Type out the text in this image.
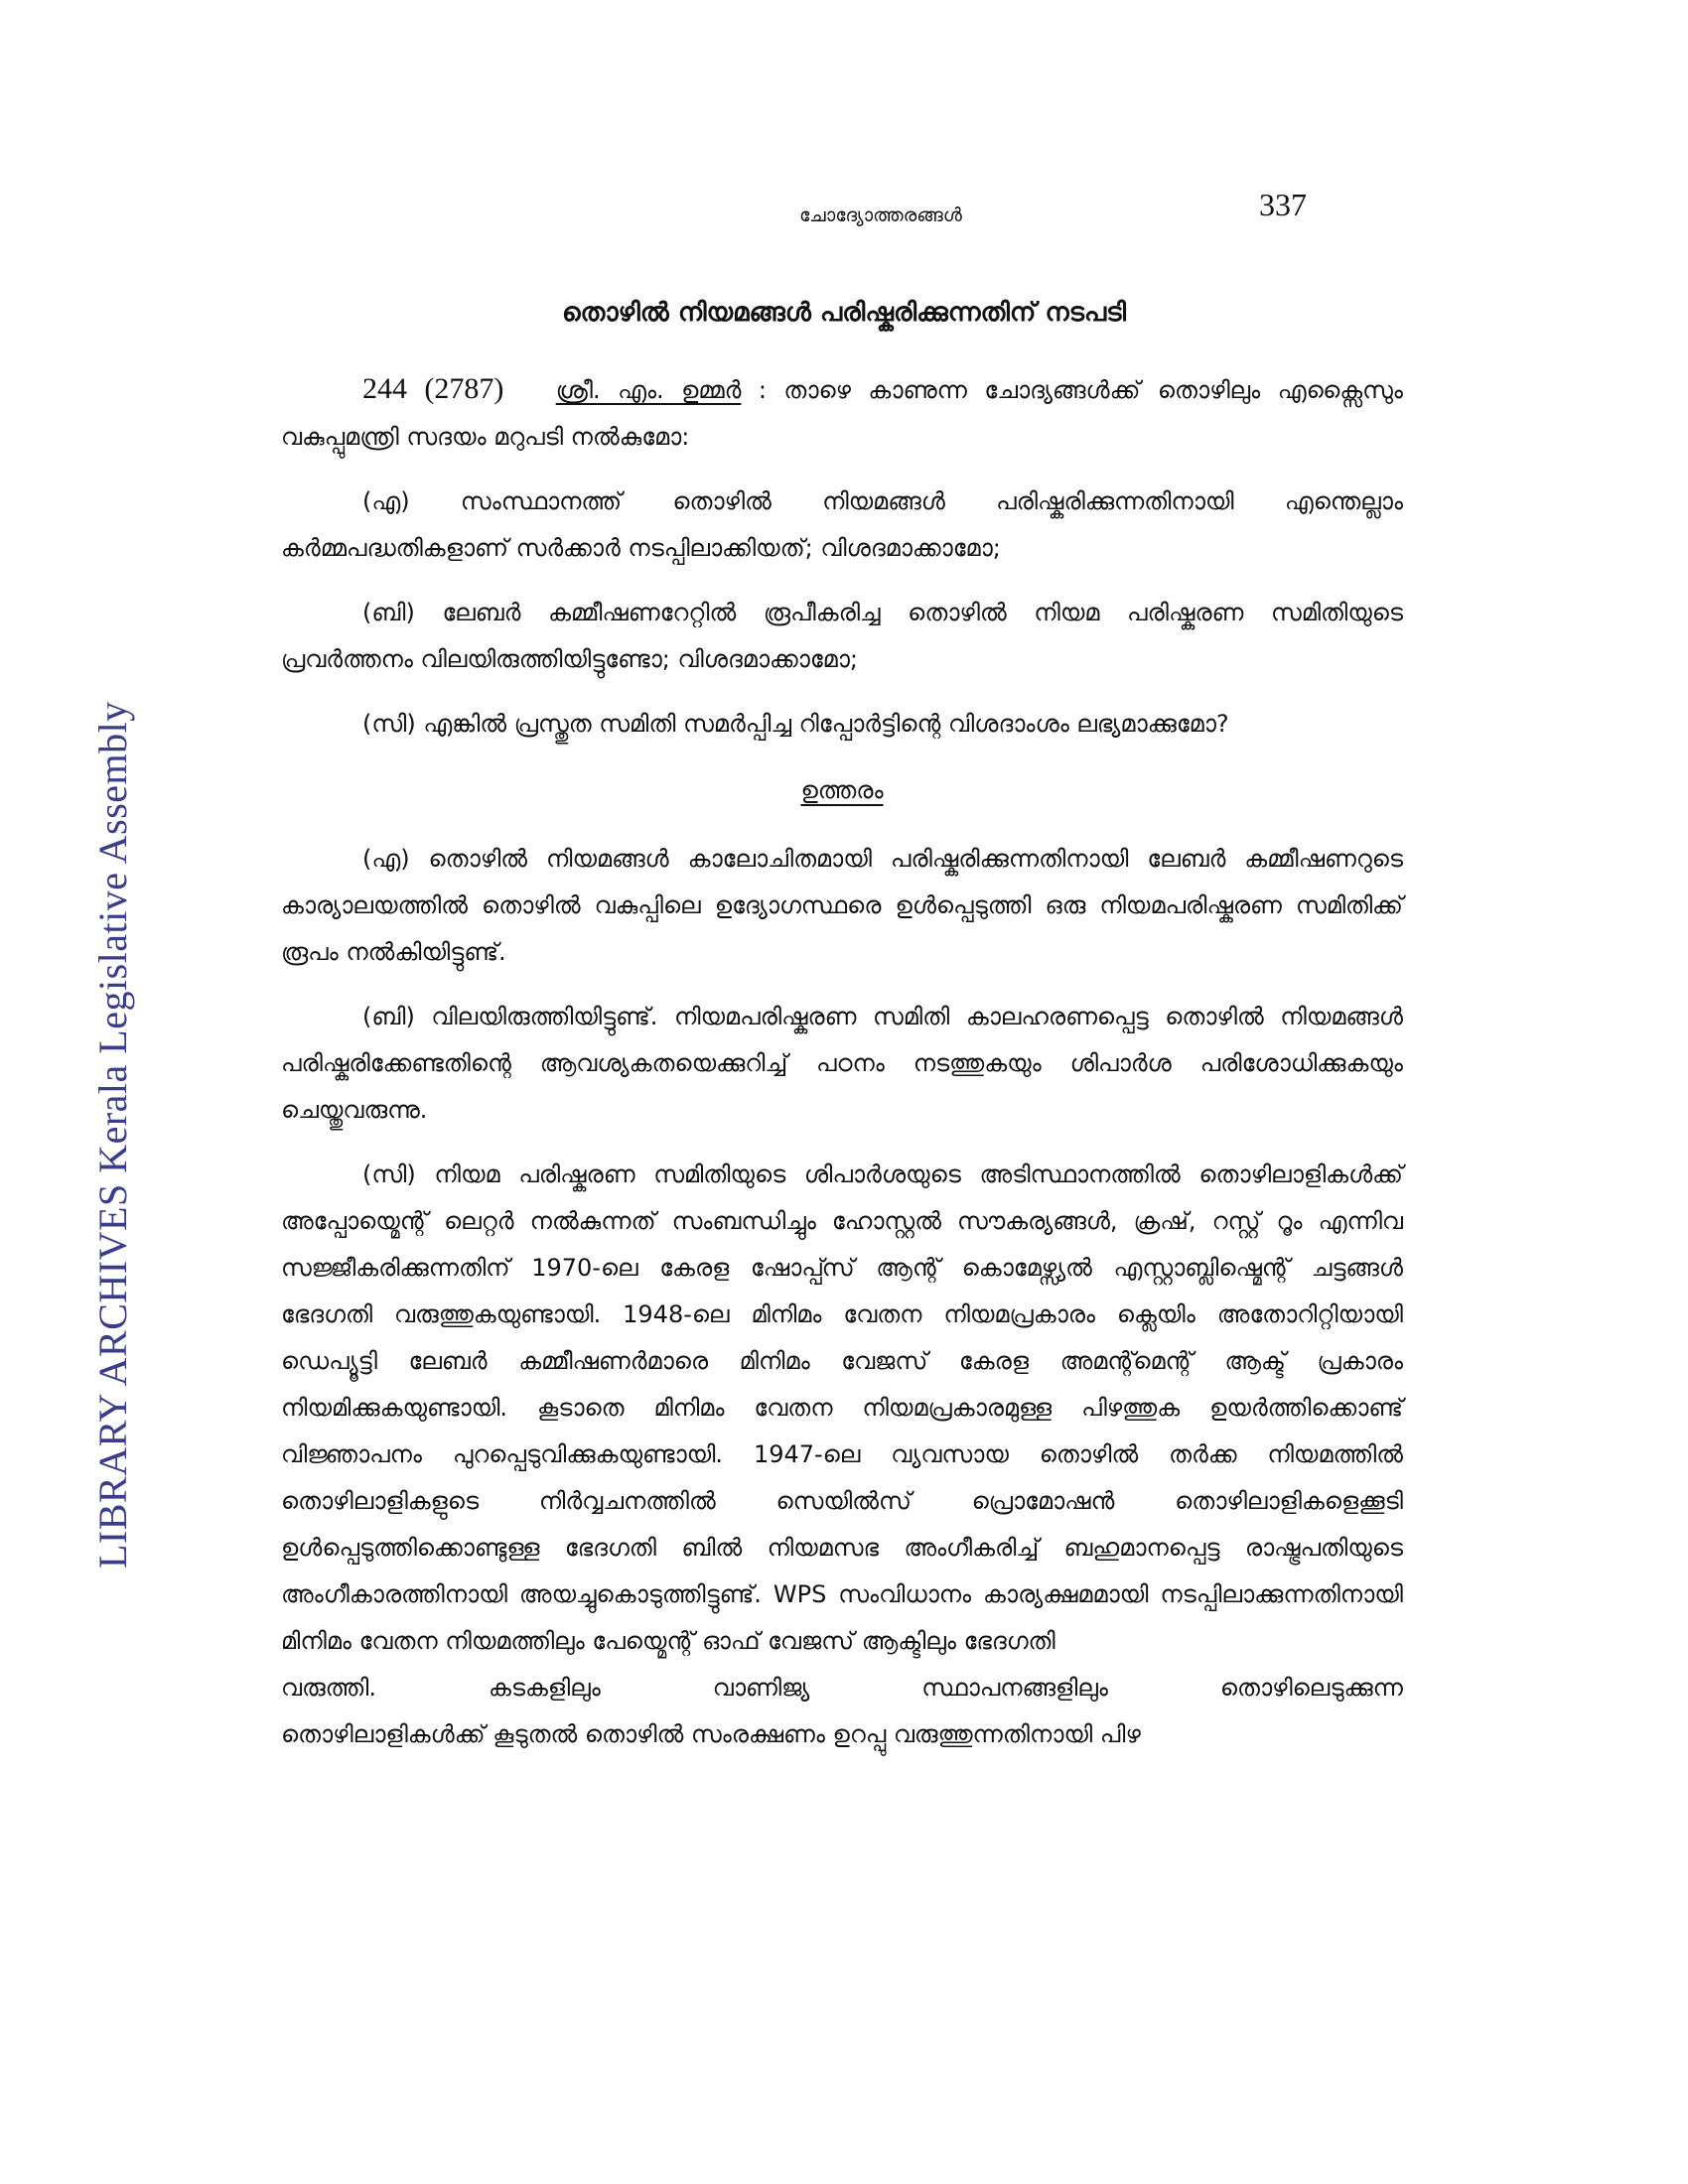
LIBRARY ARCHIVES Kerala Legislative Assembly
ചോദ്യോത്തരങ്ങൾ	337
തൊഴിൽ നിയമങ്ങൾ പരിഷ്കരിക്കുന്നതിന് നടപടി

244 (2787) ശ്രീ. എം. ഉമ്മർ : താഴെ കാണുന്ന ചോദ്യങ്ങൾക്ക് തൊഴിലും എക്സൈസും വകുപ്പുമന്ത്രി സദയം മറുപടി നൽകുമോ:

(എ) സംസ്ഥാനത്ത് തൊഴിൽ നിയമങ്ങൾ പരിഷ്കരിക്കുന്നതിനായി എന്തെല്ലാം കർമ്മപദ്ധതികളാണ് സർക്കാർ നടപ്പിലാക്കിയത്; വിശദമാക്കാമോ;

(ബി) ലേബർ കമ്മീഷണറേറ്റിൽ രൂപീകരിച്ച തൊഴിൽ നിയമ പരിഷ്കരണ സമിതിയുടെ പ്രവർത്തനം വിലയിരുത്തിയിട്ടുണ്ടോ; വിശദമാക്കാമോ;

(സി) എങ്കിൽ പ്രസ്തുത സമിതി സമർപ്പിച്ച റിപ്പോർട്ടിന്റെ വിശദാംശം ലഭ്യമാക്കുമോ?

ഉത്തരം

(എ) തൊഴിൽ നിയമങ്ങൾ കാലോചിതമായി പരിഷ്കരിക്കുന്നതിനായി ലേബർ കമ്മീഷണറുടെ കാര്യാലയത്തിൽ തൊഴിൽ വകുപ്പിലെ ഉദ്യോഗസ്ഥരെ ഉൾപ്പെടുത്തി ഒരു നിയമപരിഷ്കരണ സമിതിക്ക് രൂപം നൽകിയിട്ടുണ്ട്.

(ബി) വിലയിരുത്തിയിട്ടുണ്ട്. നിയമപരിഷ്കരണ സമിതി കാലഹരണപ്പെട്ട തൊഴിൽ നിയമങ്ങൾ പരിഷ്കരിക്കേണ്ടതിന്റെ ആവശ്യകതയെക്കുറിച്ച് പഠനം നടത്തുകയും ശിപാർശ പരിശോധിക്കുകയും ചെയ്തുവരുന്നു.

(സി) നിയമ പരിഷ്കരണ സമിതിയുടെ ശിപാർശയുടെ അടിസ്ഥാനത്തിൽ തൊഴിലാളികൾക്ക് അപ്പോയ്മെന്റ് ലെറ്റർ നൽകുന്നത് സംബന്ധിച്ചും ഹോസ്റ്റൽ സൗകര്യങ്ങൾ, ക്രഷ്, റസ്റ്റ് റൂം എന്നിവ സജ്ജീകരിക്കുന്നതിന് 1970-ലെ കേരള ഷോപ്പ്സ് ആന്റ് കൊമേഴ്സ്യൽ എസ്റ്റാബ്ലിഷ്മെന്റ് ചട്ടങ്ങൾ ഭേദഗതി വരുത്തുകയുണ്ടായി. 1948-ലെ മിനിമം വേതന നിയമപ്രകാരം ക്ലെയിം അതോറിറ്റിയായി ഡെപ്യൂട്ടി ലേബർ കമ്മീഷണർമാരെ മിനിമം വേജസ് കേരള അമന്റ്മെന്റ് ആക്ട് പ്രകാരം നിയമിക്കുകയുണ്ടായി. കൂടാതെ മിനിമം വേതന നിയമപ്രകാരമുള്ള പിഴത്തുക ഉയർത്തിക്കൊണ്ട് വിജ്ഞാപനം പുറപ്പെടുവിക്കുകയുണ്ടായി. 1947-ലെ വ്യവസായ തൊഴിൽ തർക്ക നിയമത്തിൽ തൊഴിലാളികളുടെ നിർവ്വചനത്തിൽ സെയിൽസ് പ്രൊമോഷൻ തൊഴിലാളികളെക്കൂടി ഉൾപ്പെടുത്തിക്കൊണ്ടുള്ള ഭേദഗതി ബിൽ നിയമസഭ അംഗീകരിച്ച് ബഹുമാനപ്പെട്ട രാഷ്ട്രപതിയുടെ അംഗീകാരത്തിനായി അയച്ചുകൊടുത്തിട്ടുണ്ട്. WPS സംവിധാനം കാര്യക്ഷമമായി നടപ്പിലാക്കുന്നതിനായി മിനിമം വേതന നിയമത്തിലും പേയ്മെന്റ് ഓഫ് വേജസ് ആക്ടിലും ഭേദഗതി

വരുത്തി.	കടകളിലും	വാണിജ്യ	സ്ഥാപനങ്ങളിലും	തൊഴിലെടുക്കുന്ന
തൊഴിലാളികൾക്ക് കൂടുതൽ തൊഴിൽ സംരക്ഷണം ഉറപ്പു വരുത്തുന്നതിനായി പിഴ
